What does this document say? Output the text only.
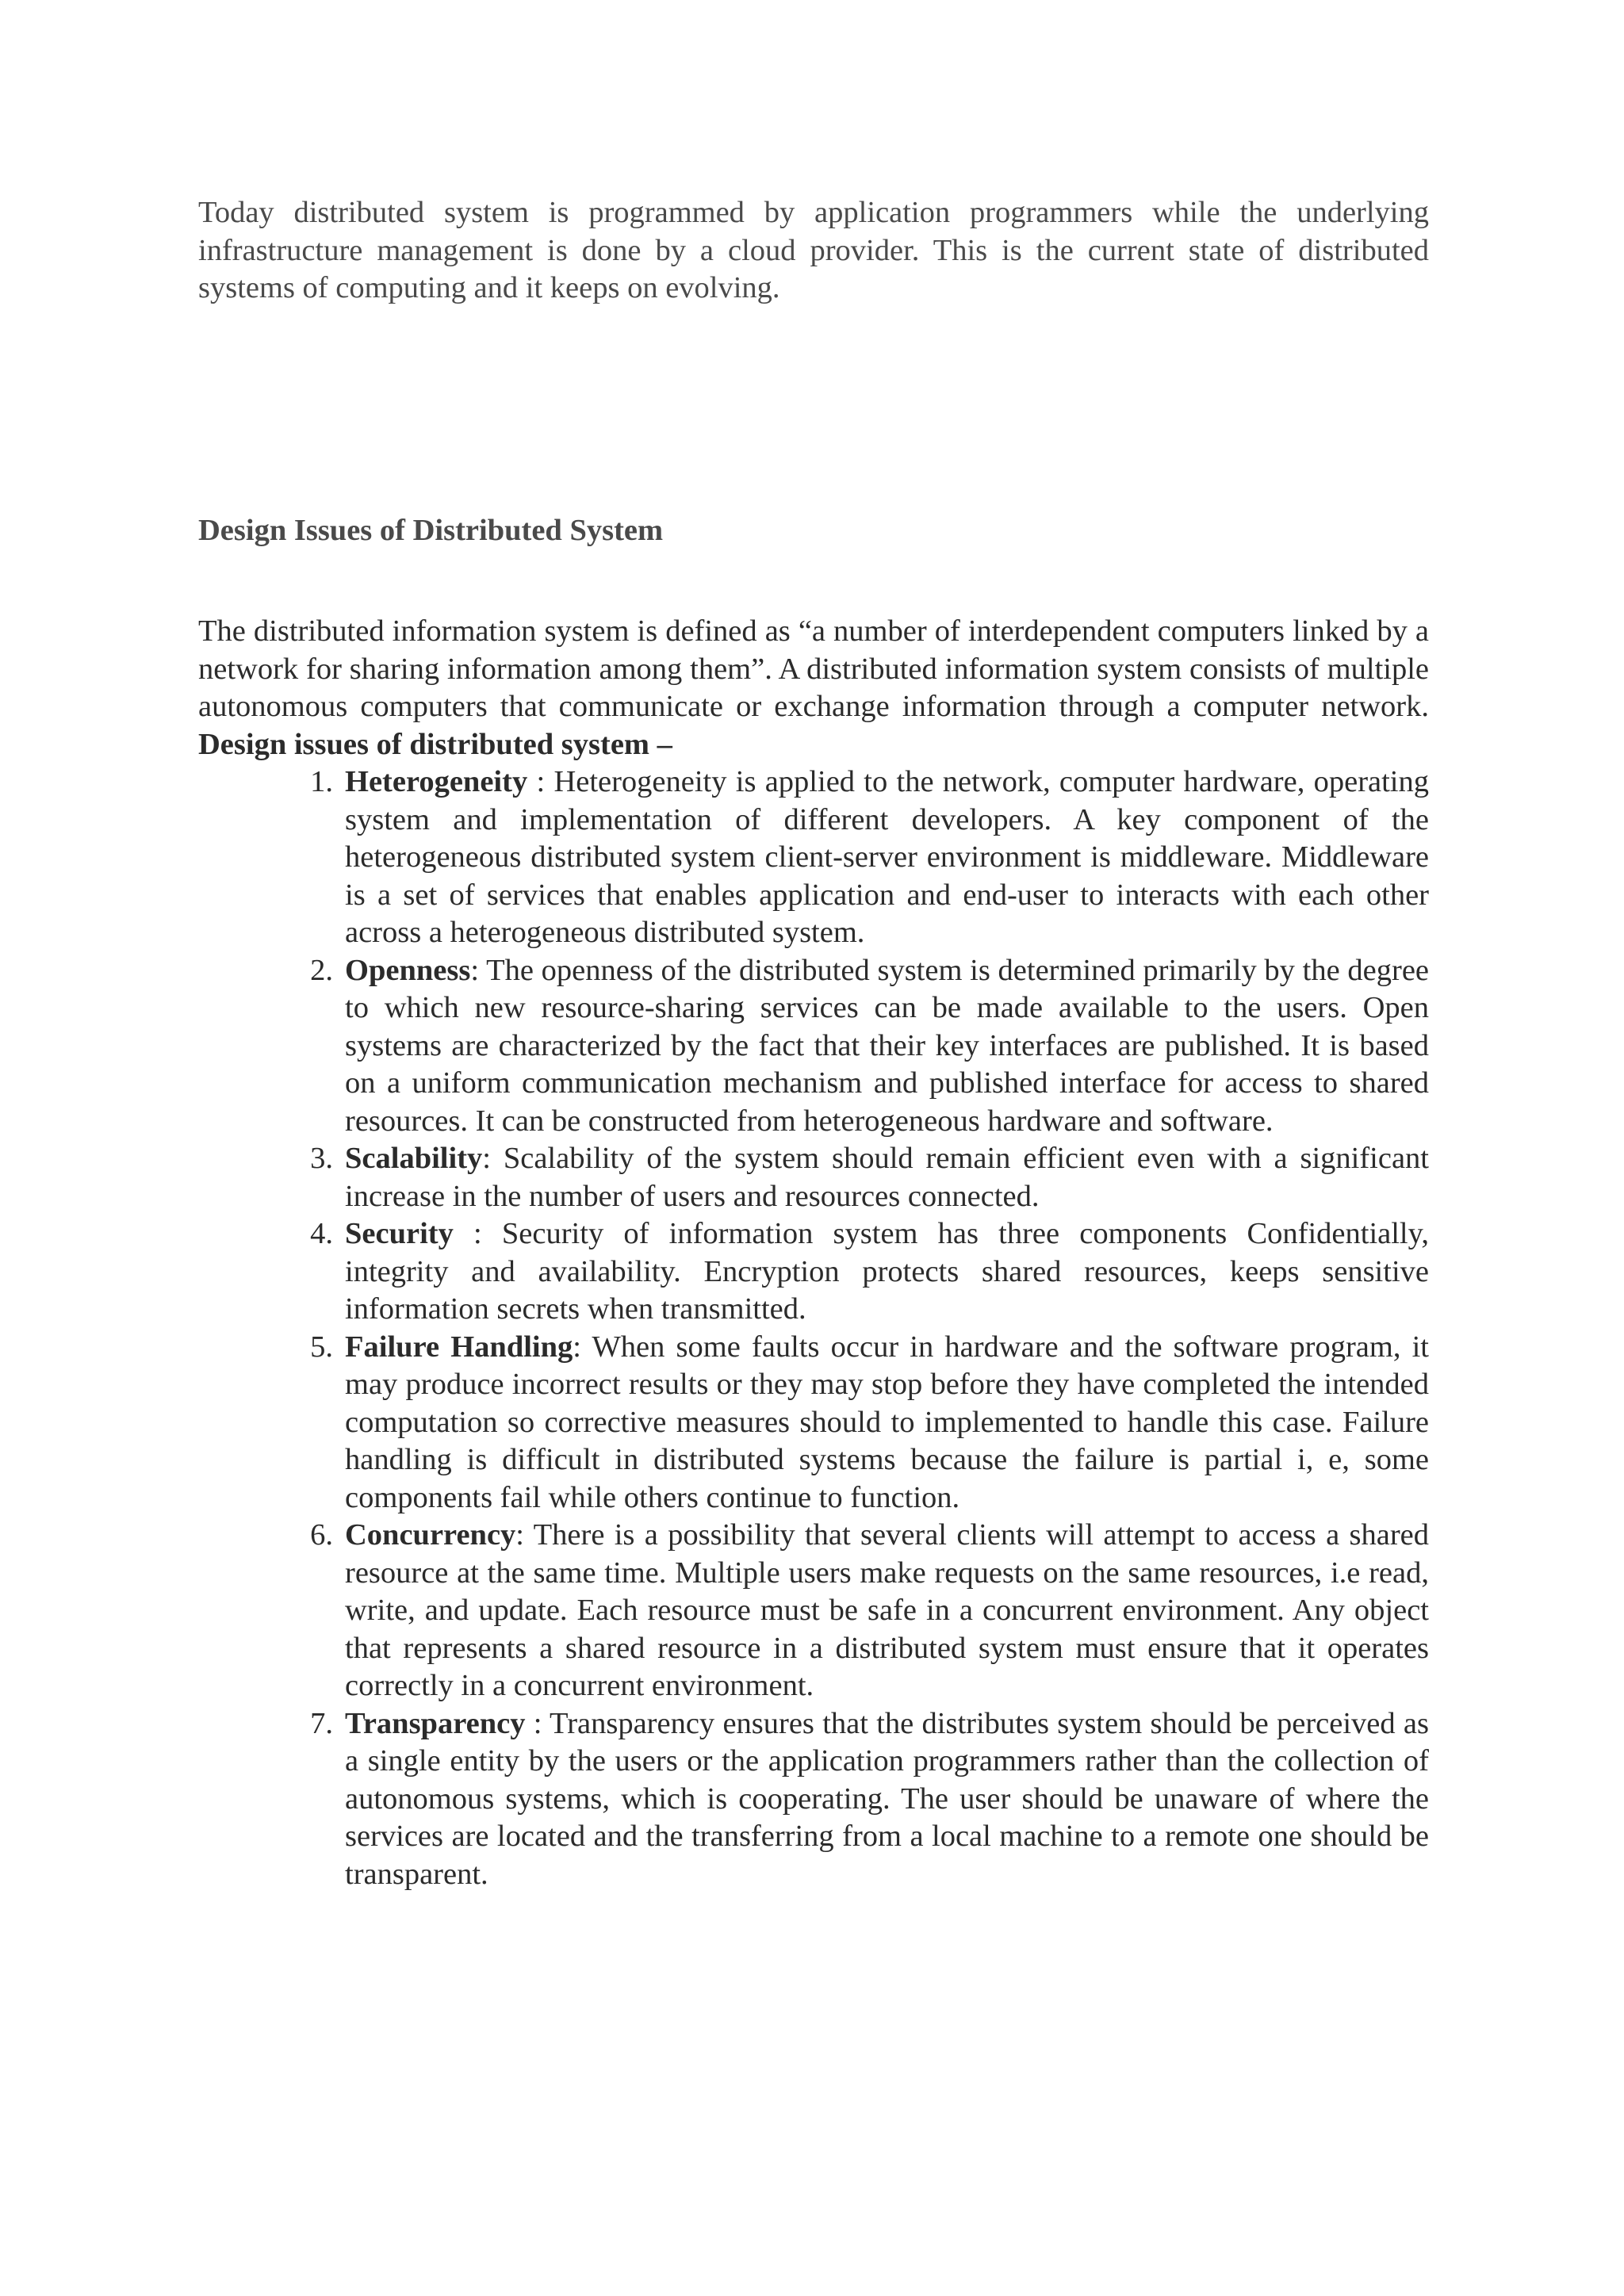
Today distributed system is programmed by application programmers while the underlying infrastructure management is done by a cloud provider. This is the current state of distributed systems of computing and it keeps on evolving.

Design Issues of Distributed System

The distributed information system is defined as “a number of interdependent computers linked by a network for sharing information among them”. A distributed information system consists of multiple autonomous computers that communicate or exchange information through a computer network. Design issues of distributed system –

1. Heterogeneity : Heterogeneity is applied to the network, computer hardware, operating system and implementation of different developers. A key component of the heterogeneous distributed system client-server environment is middleware. Middleware is a set of services that enables application and end-user to interacts with each other across a heterogeneous distributed system.
2. Openness: The openness of the distributed system is determined primarily by the degree to which new resource-sharing services can be made available to the users. Open systems are characterized by the fact that their key interfaces are published. It is based on a uniform communication mechanism and published interface for access to shared resources. It can be constructed from heterogeneous hardware and software.
3. Scalability: Scalability of the system should remain efficient even with a significant increase in the number of users and resources connected.
4. Security : Security of information system has three components Confidentially, integrity and availability. Encryption protects shared resources, keeps sensitive information secrets when transmitted.
5. Failure Handling: When some faults occur in hardware and the software program, it may produce incorrect results or they may stop before they have completed the intended computation so corrective measures should to implemented to handle this case. Failure handling is difficult in distributed systems because the failure is partial i, e, some components fail while others continue to function.
6. Concurrency: There is a possibility that several clients will attempt to access a shared resource at the same time. Multiple users make requests on the same resources, i.e read, write, and update. Each resource must be safe in a concurrent environment. Any object that represents a shared resource in a distributed system must ensure that it operates correctly in a concurrent environment.
7. Transparency : Transparency ensures that the distributes system should be perceived as a single entity by the users or the application programmers rather than the collection of autonomous systems, which is cooperating. The user should be unaware of where the services are located and the transferring from a local machine to a remote one should be transparent.
